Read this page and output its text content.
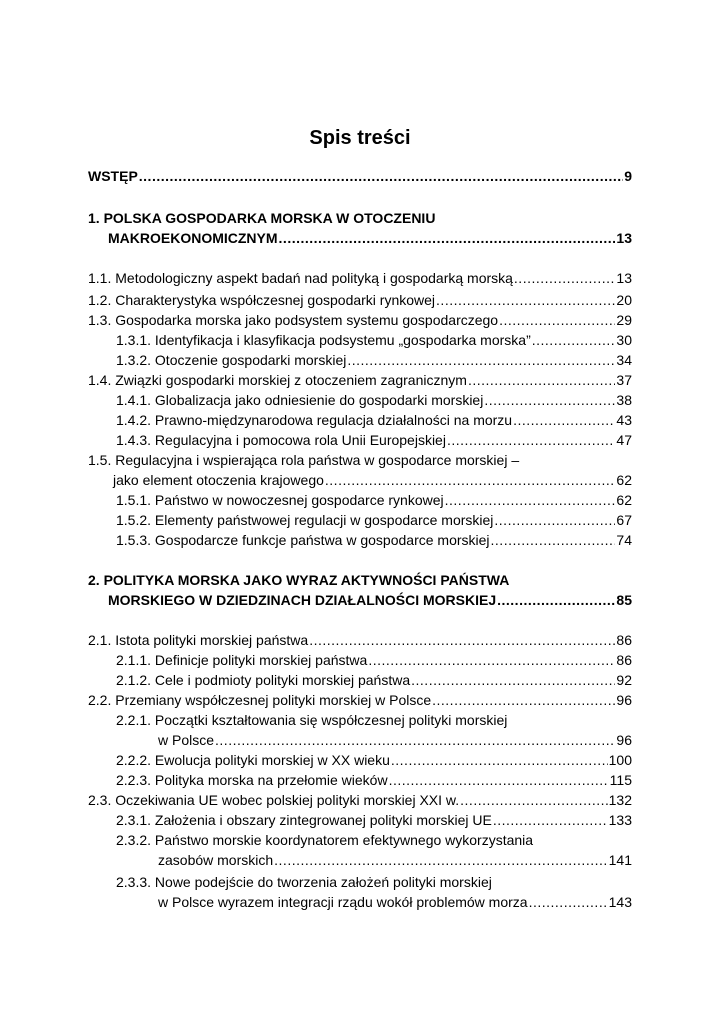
Spis treści
WSTĘP .....	9
1. POLSKA GOSPODARKA MORSKA W OTOCZENIU
MAKROEKONOMICZNYM .....	13
1.1. Metodologiczny aspekt badań nad polityką i gospodarką morską .....	13
1.2. Charakterystyka współczesnej gospodarki rynkowej .....	20
1.3. Gospodarka morska jako podsystem systemu gospodarczego .....	29
1.3.1. Identyfikacja i klasyfikacja podsystemu „gospodarka morska” .....	30
1.3.2. Otoczenie gospodarki morskiej .....	34
1.4. Związki gospodarki morskiej z otoczeniem zagranicznym .....	37
1.4.1. Globalizacja jako odniesienie do gospodarki morskiej .....	38
1.4.2. Prawno-międzynarodowa regulacja działalności na morzu .....	43
1.4.3. Regulacyjna i pomocowa rola Unii Europejskiej .....	47
1.5. Regulacyjna i wspierająca rola państwa w gospodarce morskiej –
jako element otoczenia krajowego .....	62
1.5.1. Państwo w nowoczesnej gospodarce rynkowej .....	62
1.5.2. Elementy państwowej regulacji w gospodarce morskiej .....	67
1.5.3. Gospodarcze funkcje państwa w gospodarce morskiej .....	74
2. POLITYKA MORSKA JAKO WYRAZ AKTYWNOŚCI PAŃSTWA
MORSKIEGO W DZIEDZINACH DZIAŁALNOŚCI MORSKIEJ .....	85
2.1. Istota polityki morskiej państwa .....	86
2.1.1. Definicje polityki morskiej państwa .....	86
2.1.2. Cele i podmioty polityki morskiej państwa .....	92
2.2. Przemiany współczesnej polityki morskiej w Polsce .....	96
2.2.1. Początki kształtowania się współczesnej polityki morskiej
w Polsce .....	96
2.2.2. Ewolucja polityki morskiej w XX wieku .....	100
2.2.3. Polityka morska na przełomie wieków .....	115
2.3. Oczekiwania UE wobec polskiej polityki morskiej XXI w. .....	132
2.3.1. Założenia i obszary zintegrowanej polityki morskiej UE .....	133
2.3.2. Państwo morskie koordynatorem efektywnego wykorzystania
zasobów morskich .....	141
2.3.3. Nowe podejście do tworzenia założeń polityki morskiej
w Polsce wyrazem integracji rządu wokół problemów morza .....	143
